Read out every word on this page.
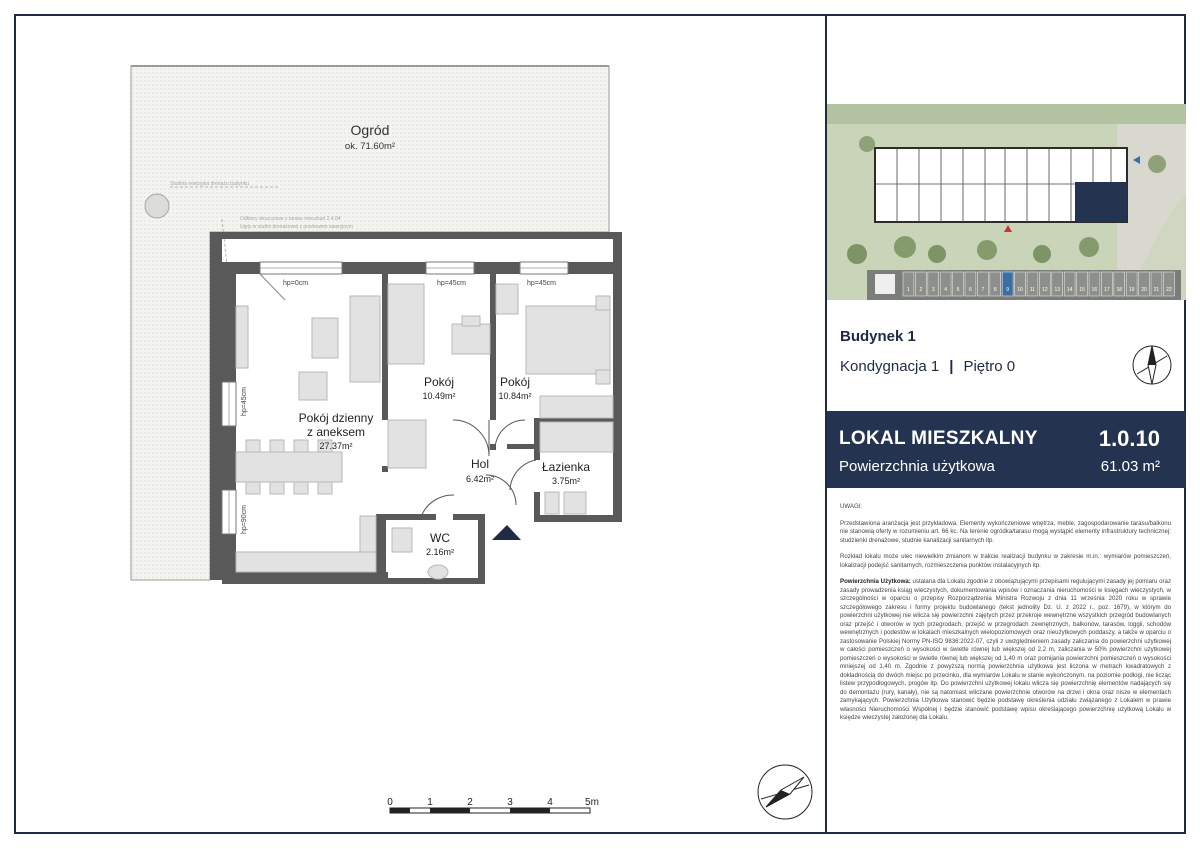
Ogród
ok. 71.60m²
Studnia rewizyjna drenażu budynku
Odbiory deszczowe z tarasu mieszkań 2.4.04
Ujęty w studni drenażowej z przelewem awaryjnym
hp=0cm	hp=45cm	hp=45cm
hp=45cm
hp=90cm
Pokój dzienny
z aneksem
27.37m²
Pokój
10.49m²
Pokój
10.84m²
Hol
6.42m²
Łazienka
3.75m²
WC
2.16m²
1 2 3 4 5 6 7 8 9 10 11 12 13 14 15 16 17 18 19 20 21 22
Budynek 1
Kondygnacja 1 | Piętro 0
LOKAL MIESZKALNY	1.0.10
Powierzchnia użytkowa	61.03 m²

UWAGI:

Przedstawiona aranżacja jest przykładowa. Elementy wykończeniowe wnętrza, meble, zagospodarowanie tarasu/balkonu nie stanowią oferty w rozumieniu art. 66 kc. Na terenie ogródka/tarasu mogą wystąpić elementy infrastruktury technicznej: studzienki drenażowe, studnie kanalizacji sanitarnych itp.

Rozkład lokalu może ulec niewielkim zmianom w trakcie realizacji budynku w zakresie m.in.: wymiarów pomieszczeń, lokalizacji podejść sanitarnych, rozmieszczenia punktów instalacyjnych itp.

Powierzchnia Użytkowa: ustalana dla Lokalu zgodnie z obowiązującymi przepisami regulującymi zasady jej pomiaru oraz zasady prowadzenia ksiąg wieczystych, dokumentowania wpisów i oznaczania nieruchomości w księgach wieczystych, w szczególności w oparciu o przepisy Rozporządzenia Ministra Rozwoju z dnia 11 września 2020 roku w sprawie szczegółowego zakresu i formy projektu budowlanego (tekst jednolity Dz. U. z 2022 r., poz. 1679), w którym do powierzchni użytkowej nie wlicza się powierzchni zajętych przez przekroje wewnętrzne wszystkich przegród budowlanych oraz przejść i otworów w tych przegrodach, przejść w przegrodach zewnętrznych, balkonów, tarasów, loggii, schodów wewnętrznych i podestów w lokalach mieszkalnych wielopoziomowych oraz nieużytkowych poddaszy, a także w oparciu o zastosowanie Polskiej Normy PN-ISO 9836:2022-07, czyli z uwzględnieniem zasady zaliczania do powierzchni użytkowej w całości pomieszczeń o wysokości w świetle równej lub większej od 2,2 m, zaliczania w 50% powierzchni użytkowej pomieszczeń o wysokości w świetle równej lub większej od 1,40 m oraz pomijania powierzchni pomieszczeń o wysokości mniejszej od 1,40 m. Zgodnie z powyższą normą powierzchnia użytkowa jest liczona w metrach kwadratowych z dokładnością do dwóch miejsc po przecinku, dla wymiarów Lokalu w stanie wykończonym, na poziomie podłogi, nie licząc listew przypodłogowych, progów itp. Do powierzchni użytkowej lokalu wlicza się powierzchnię elementów nadających się do demontażu (rury, kanały), nie są natomiast wliczane powierzchnie otworów na drzwi i okna oraz nisze w elementach zamykających. Powierzchnia Użytkowa stanowić będzie podstawę określenia udziału związanego z Lokalem w prawie własności Nieruchomości Wspólnej i będzie stanowić podstawę wpisu określającego powierzchnię użytkową Lokalu w księdze wieczystej założonej dla Lokalu.

0	1	2	3	4	5m
